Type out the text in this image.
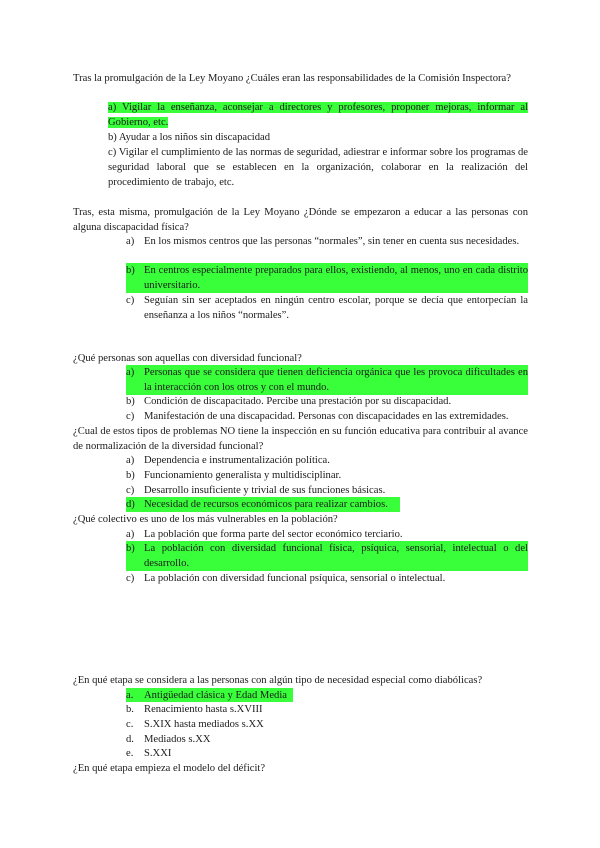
Tras la promulgación de la Ley Moyano ¿Cuáles eran las responsabilidades de la Comisión Inspectora?
a) Vigilar la enseñanza, aconsejar a directores y profesores, proponer mejoras, informar al Gobierno, etc.
b) Ayudar a los niños sin discapacidad
c) Vigilar el cumplimiento de las normas de seguridad, adiestrar e informar sobre los programas de seguridad laboral que se establecen en la organización, colaborar en la realización del procedimiento de trabajo, etc.
Tras, esta misma, promulgación de la Ley Moyano ¿Dónde se empezaron a educar a las personas con alguna discapacidad física?
a) En los mismos centros que las personas “normales”, sin tener en cuenta sus necesidades.
b) En centros especialmente preparados para ellos, existiendo, al menos, uno en cada distrito universitario.
c) Seguían sin ser aceptados en ningún centro escolar, porque se decía que entorpecían la enseñanza a los niños “normales”.
¿Qué personas son aquellas con diversidad funcional?
a) Personas que se considera que tienen deficiencia orgánica que les provoca dificultades en la interacción con los otros y con el mundo.
b) Condición de discapacitado. Percibe una prestación por su discapacidad.
c) Manifestación de una discapacidad. Personas con discapacidades en las extremidades.
¿Cual de estos tipos de problemas NO tiene la inspección en su función educativa para contribuir al avance de normalización de la diversidad funcional?
a) Dependencia e instrumentalización política.
b) Funcionamiento generalista y multidisciplinar.
c) Desarrollo insuficiente y trivial de sus funciones básicas.
d) Necesidad de recursos económicos para realizar cambios.
¿Qué colectivo es uno de los más vulnerables en la población?
a) La población que forma parte del sector económico terciario.
b) La población con diversidad funcional física, psíquica, sensorial, intelectual o del desarrollo.
c) La población con diversidad funcional psíquica, sensorial o intelectual.
¿En qué etapa se considera a las personas con algún tipo de necesidad especial como diabólicas?
a.	Antigüedad clásica y Edad Media
b. Renacimiento hasta s.XVIII
c.	S.XIX hasta mediados s.XX
d. Mediados s.XX
e.	S.XXI
¿En qué etapa empieza el modelo del déficit?
